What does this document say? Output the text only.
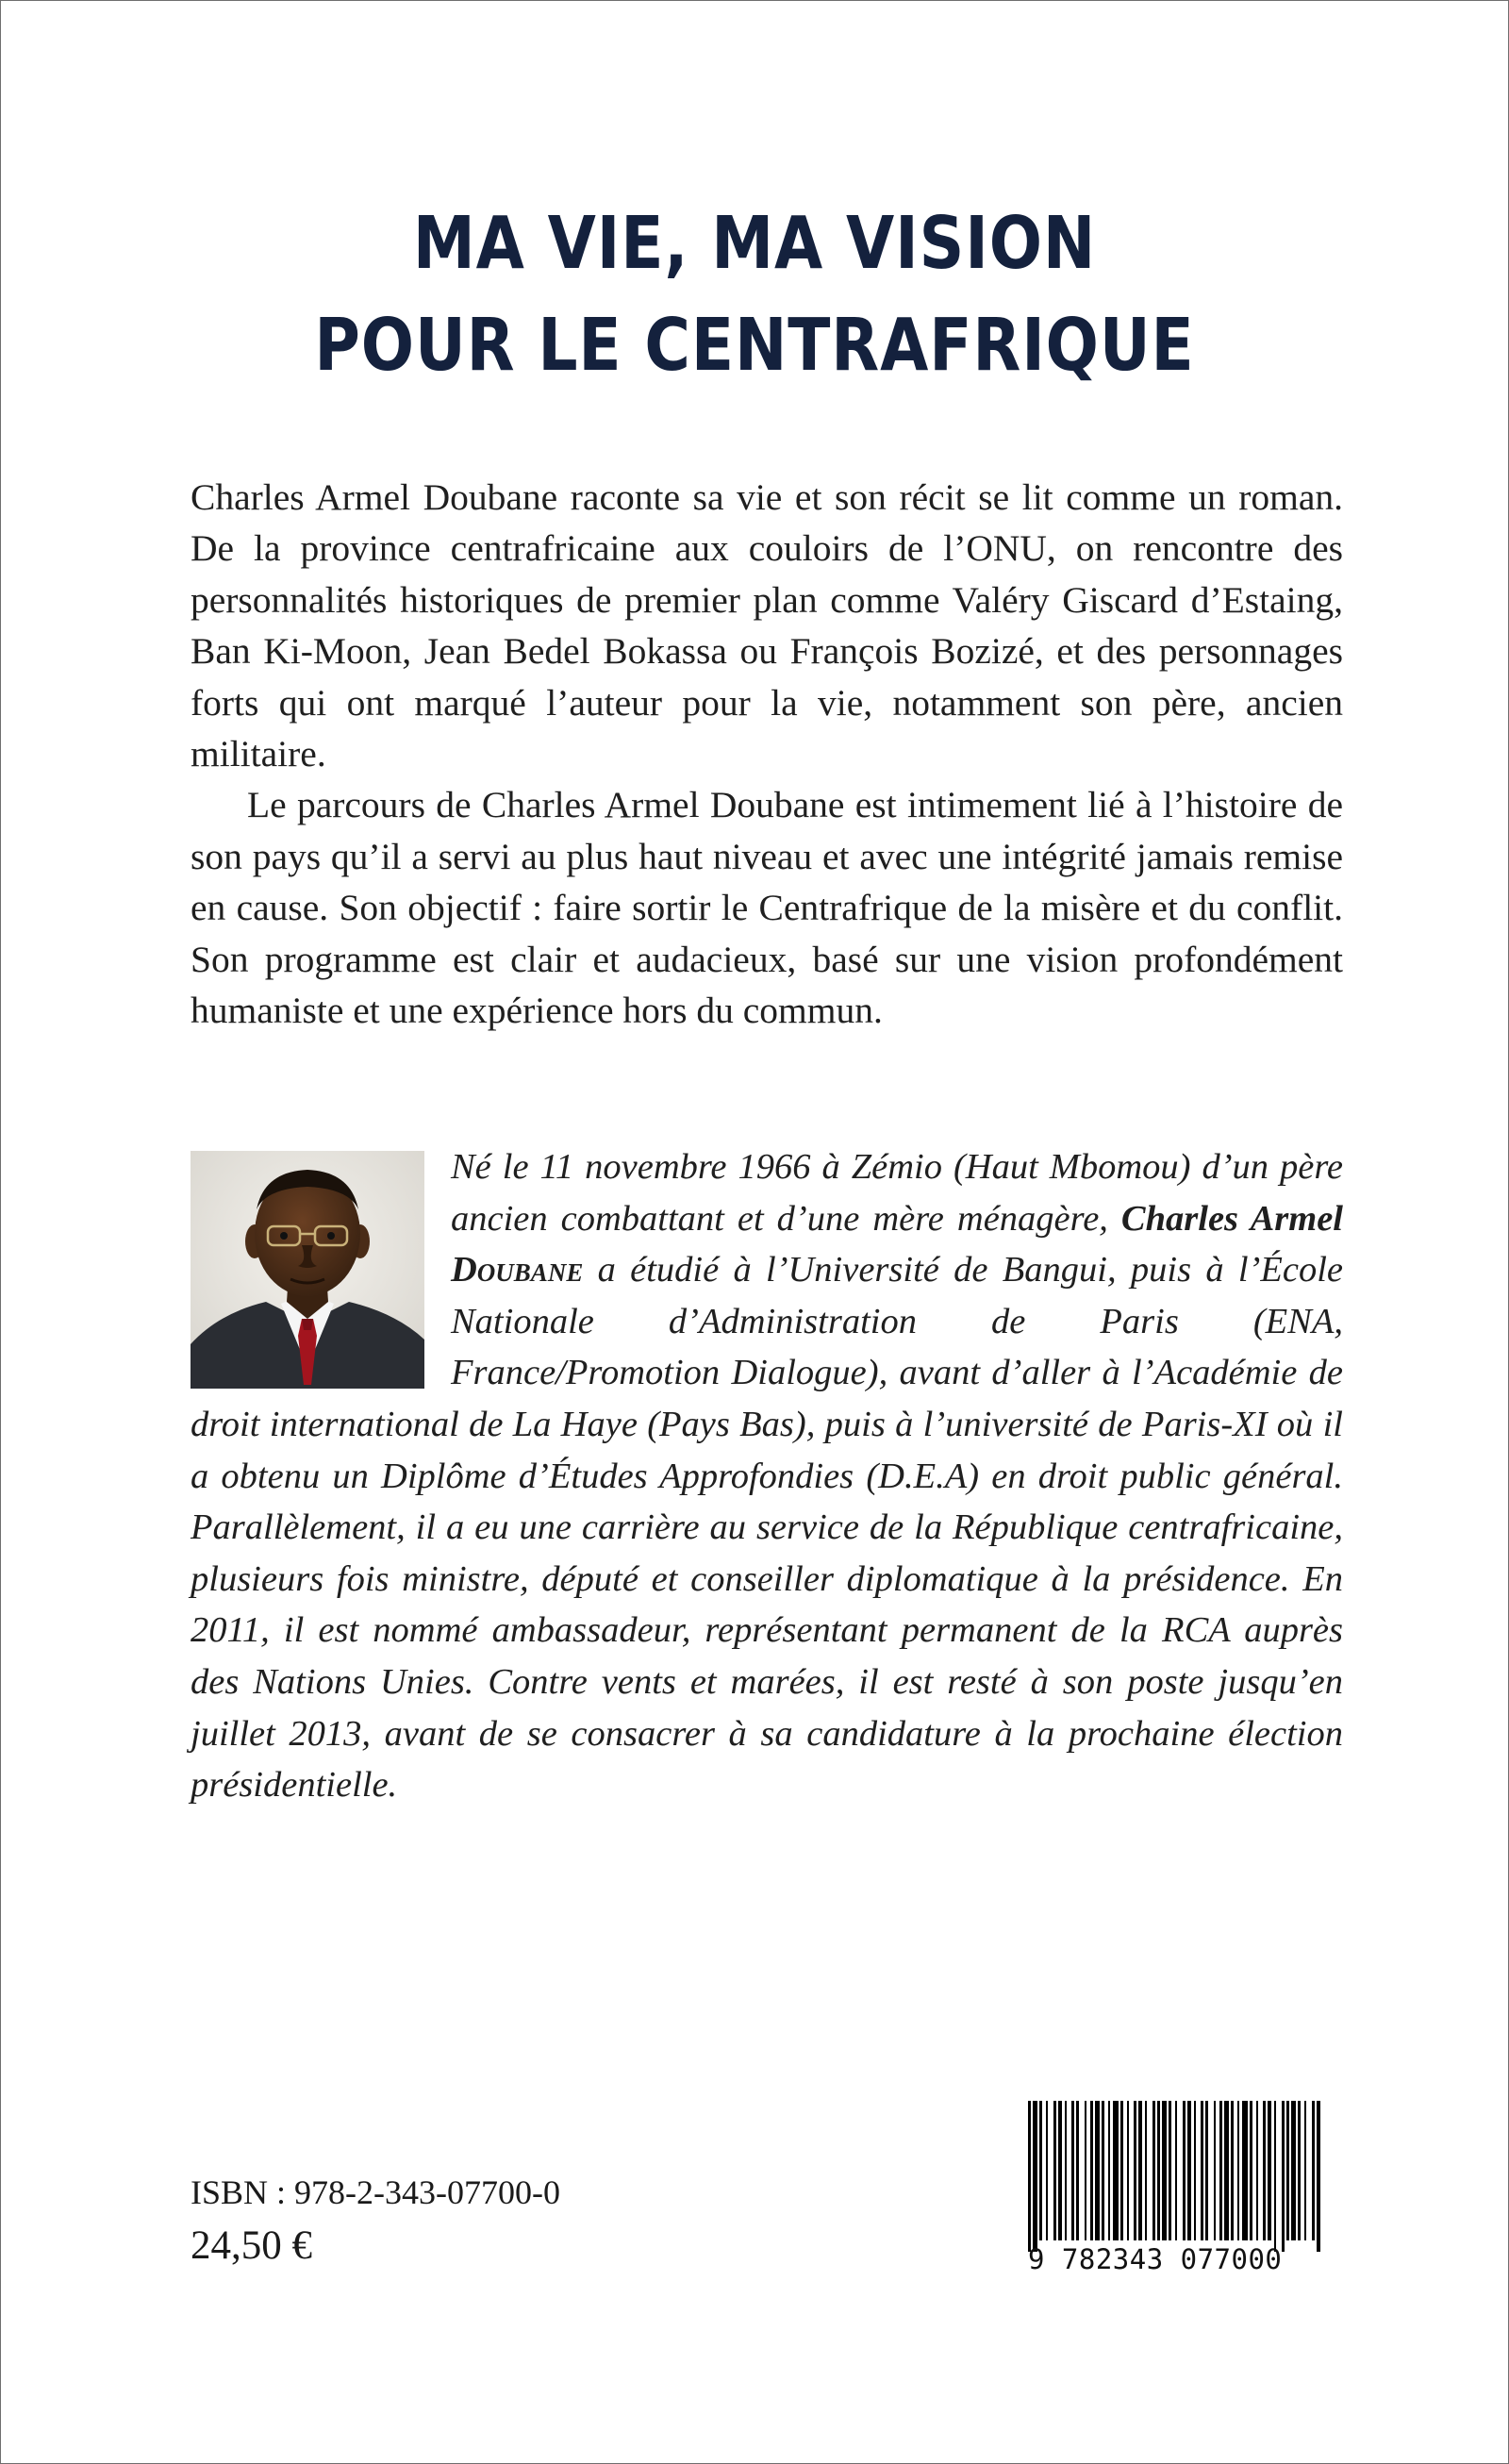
MA VIE, MA VISION
POUR LE CENTRAFRIQUE

Charles Armel Doubane raconte sa vie et son récit se lit comme un roman. De la province centrafricaine aux couloirs de l’ONU, on rencontre des personnalités historiques de premier plan comme Valéry Giscard d’Estaing, Ban Ki-Moon, Jean Bedel Bokassa ou François Bozizé, et des personnages forts qui ont marqué l’auteur pour la vie, notamment son père, ancien militaire.

Le parcours de Charles Armel Doubane est intimement lié à l’histoire de son pays qu’il a servi au plus haut niveau et avec une intégrité jamais remise en cause. Son objectif : faire sortir le Centrafrique de la misère et du conflit. Son programme est clair et audacieux, basé sur une vision profondément humaniste et une expérience hors du commun.

Né le 11 novembre 1966 à Zémio (Haut Mbomou) d’un père ancien combattant et d’une mère ménagère, Charles Armel Doubane a étudié à l’Université de Bangui, puis à l’École Nationale d’Administration de Paris (ENA, France/Promotion Dialogue), avant d’aller à l’Académie de droit international de La Haye (Pays Bas), puis à l’université de Paris-XI où il a obtenu un Diplôme d’Études Approfondies (D.E.A) en droit public général. Parallèlement, il a eu une carrière au service de la République centrafricaine, plusieurs fois ministre, député et conseiller diplomatique à la présidence. En 2011, il est nommé ambassadeur, représentant permanent de la RCA auprès des Nations Unies. Contre vents et marées, il est resté à son poste jusqu’en juillet 2013, avant de se consacrer à sa candidature à la prochaine élection présidentielle.

ISBN : 978-2-343-07700-0
24,50 €	9 782343 077000
